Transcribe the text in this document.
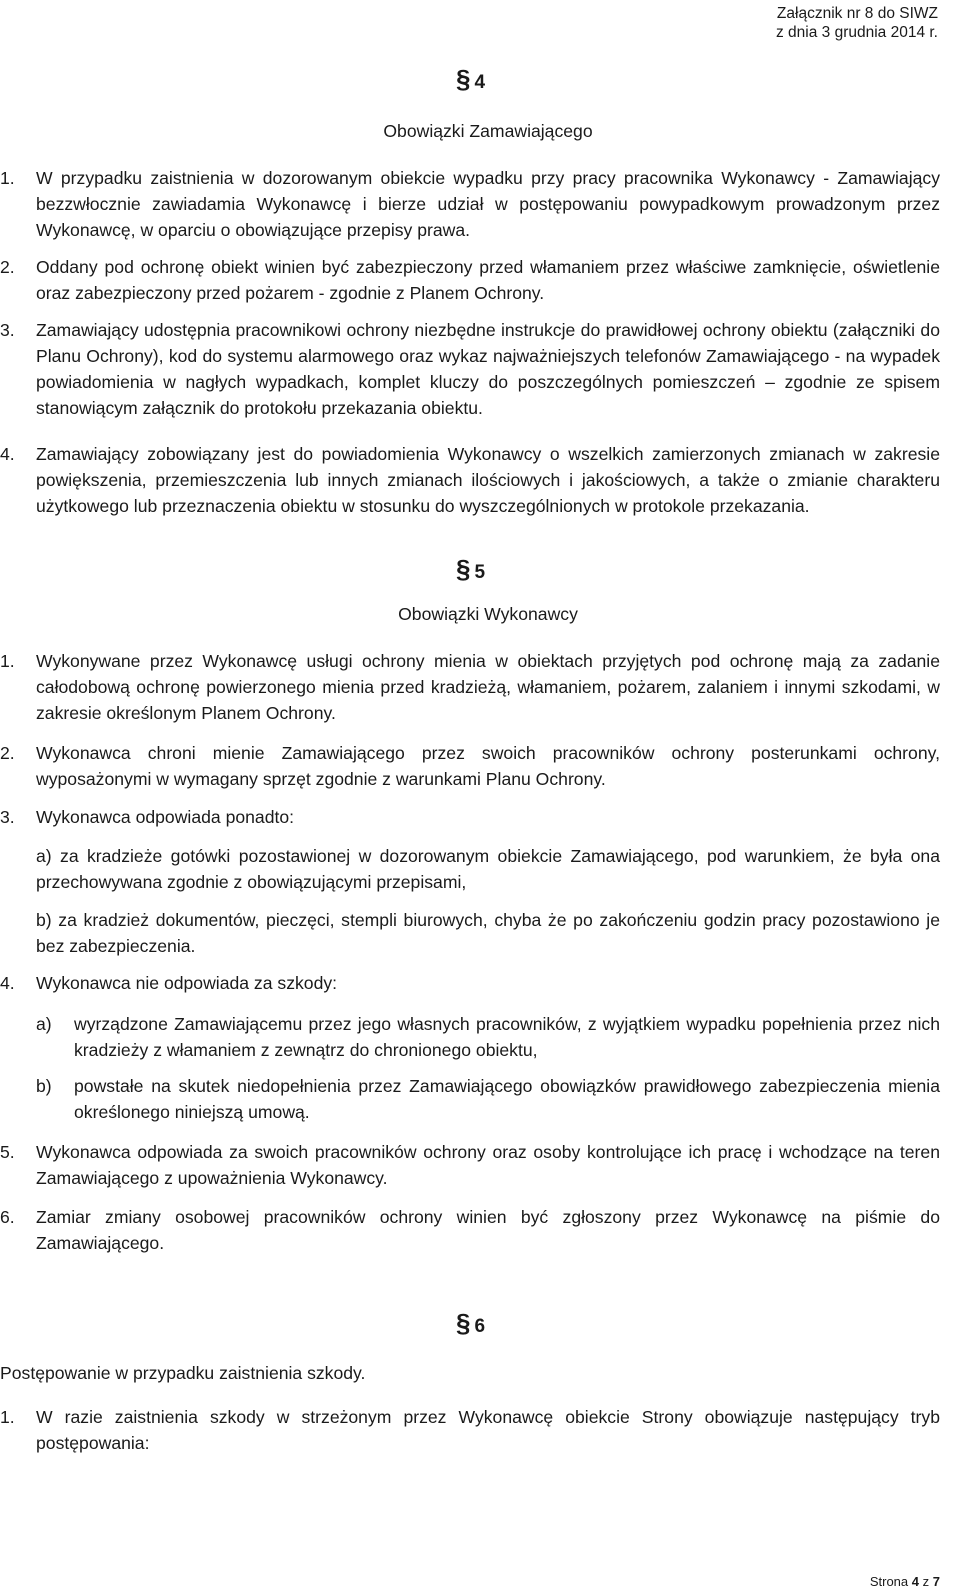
Załącznik nr 8 do SIWZ
z dnia 3 grudnia 2014 r.
§ 4
Obowiązki Zamawiającego
1. W przypadku zaistnienia w dozorowanym obiekcie wypadku przy pracy pracownika Wykonawcy - Zamawiający bezzwłocznie zawiadamia Wykonawcę i bierze udział w postępowaniu powypadkowym prowadzonym przez Wykonawcę, w oparciu o obowiązujące przepisy prawa.
2. Oddany pod ochronę obiekt winien być zabezpieczony przed włamaniem przez właściwe zamknięcie, oświetlenie oraz zabezpieczony przed pożarem - zgodnie z Planem Ochrony.
3. Zamawiający udostępnia pracownikowi ochrony niezbędne instrukcje do prawidłowej ochrony obiektu (załączniki do Planu Ochrony), kod do systemu alarmowego oraz wykaz najważniejszych telefonów Zamawiającego - na wypadek powiadomienia w nagłych wypadkach, komplet kluczy do poszczególnych pomieszczeń – zgodnie ze spisem stanowiącym załącznik do protokołu przekazania obiektu.
4. Zamawiający zobowiązany jest do powiadomienia Wykonawcy o wszelkich zamierzonych zmianach w zakresie powiększenia, przemieszczenia lub innych zmianach ilościowych i jakościowych, a także o zmianie charakteru użytkowego lub przeznaczenia obiektu w stosunku do wyszczególnionych w protokole przekazania.
§ 5
Obowiązki Wykonawcy
1. Wykonywane przez Wykonawcę usługi ochrony mienia w obiektach przyjętych pod ochronę mają za zadanie całodobową ochronę powierzonego mienia przed kradzieżą, włamaniem, pożarem, zalaniem i innymi szkodami, w zakresie określonym Planem Ochrony.
2. Wykonawca chroni mienie Zamawiającego przez swoich pracowników ochrony posterunkami ochrony, wyposażonymi w wymagany sprzęt zgodnie z warunkami Planu Ochrony.
3. Wykonawca odpowiada ponadto:
a) za kradzieże gotówki pozostawionej w dozorowanym obiekcie Zamawiającego, pod warunkiem, że była ona przechowywana zgodnie z obowiązującymi przepisami,
b) za kradzież dokumentów, pieczęci, stempli biurowych, chyba że po zakończeniu godzin pracy pozostawiono je bez zabezpieczenia.
4. Wykonawca nie odpowiada za szkody:
a)	wyrządzone Zamawiającemu przez jego własnych pracowników, z wyjątkiem wypadku popełnienia przez nich kradzieży z włamaniem z zewnątrz do chronionego obiektu,
b)	powstałe na skutek niedopełnienia przez Zamawiającego obowiązków prawidłowego zabezpieczenia mienia określonego niniejszą umową.
5. Wykonawca odpowiada za swoich pracowników ochrony oraz osoby kontrolujące ich pracę i wchodzące na teren Zamawiającego z upoważnienia Wykonawcy.
6. Zamiar zmiany osobowej pracowników ochrony winien być zgłoszony przez Wykonawcę na piśmie do Zamawiającego.
§ 6
Postępowanie w przypadku zaistnienia szkody.
1. W razie zaistnienia szkody w strzeżonym przez Wykonawcę obiekcie Strony obowiązuje następujący tryb postępowania:
Strona 4 z 7
